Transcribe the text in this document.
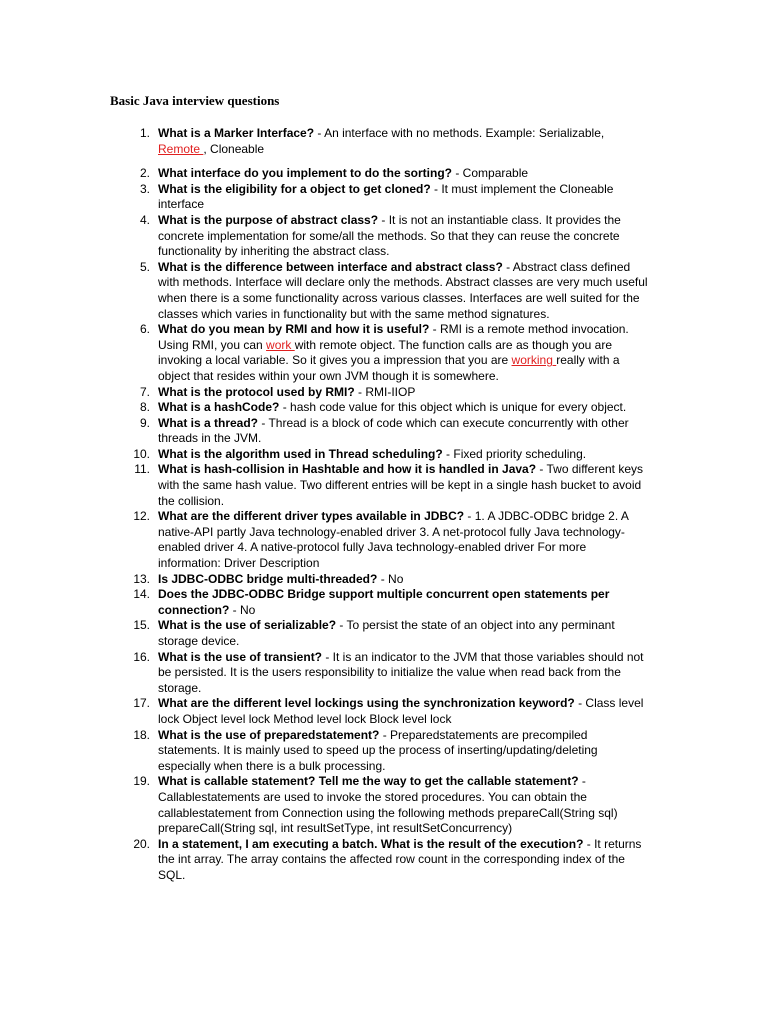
Basic Java interview questions
1. What is a Marker Interface? - An interface with no methods. Example: Serializable, Remote , Cloneable
2. What interface do you implement to do the sorting? - Comparable
3. What is the eligibility for a object to get cloned? - It must implement the Cloneable interface
4. What is the purpose of abstract class? - It is not an instantiable class. It provides the concrete implementation for some/all the methods. So that they can reuse the concrete functionality by inheriting the abstract class.
5. What is the difference between interface and abstract class? - Abstract class defined with methods. Interface will declare only the methods. Abstract classes are very much useful when there is a some functionality across various classes. Interfaces are well suited for the classes which varies in functionality but with the same method signatures.
6. What do you mean by RMI and how it is useful? - RMI is a remote method invocation. Using RMI, you can work with remote object. The function calls are as though you are invoking a local variable. So it gives you a impression that you are working really with a object that resides within your own JVM though it is somewhere.
7. What is the protocol used by RMI? - RMI-IIOP
8. What is a hashCode? - hash code value for this object which is unique for every object.
9. What is a thread? - Thread is a block of code which can execute concurrently with other threads in the JVM.
10. What is the algorithm used in Thread scheduling? - Fixed priority scheduling.
11. What is hash-collision in Hashtable and how it is handled in Java? - Two different keys with the same hash value. Two different entries will be kept in a single hash bucket to avoid the collision.
12. What are the different driver types available in JDBC? - 1. A JDBC-ODBC bridge 2. A native-API partly Java technology-enabled driver 3. A net-protocol fully Java technology-enabled driver 4. A native-protocol fully Java technology-enabled driver For more information: Driver Description
13. Is JDBC-ODBC bridge multi-threaded? - No
14. Does the JDBC-ODBC Bridge support multiple concurrent open statements per connection? - No
15. What is the use of serializable? - To persist the state of an object into any perminant storage device.
16. What is the use of transient? - It is an indicator to the JVM that those variables should not be persisted. It is the users responsibility to initialize the value when read back from the storage.
17. What are the different level lockings using the synchronization keyword? - Class level lock Object level lock Method level lock Block level lock
18. What is the use of preparedstatement? - Preparedstatements are precompiled statements. It is mainly used to speed up the process of inserting/updating/deleting especially when there is a bulk processing.
19. What is callable statement? Tell me the way to get the callable statement? - Callablestatements are used to invoke the stored procedures. You can obtain the callablestatement from Connection using the following methods prepareCall(String sql) prepareCall(String sql, int resultSetType, int resultSetConcurrency)
20. In a statement, I am executing a batch. What is the result of the execution? - It returns the int array. The array contains the affected row count in the corresponding index of the SQL.
